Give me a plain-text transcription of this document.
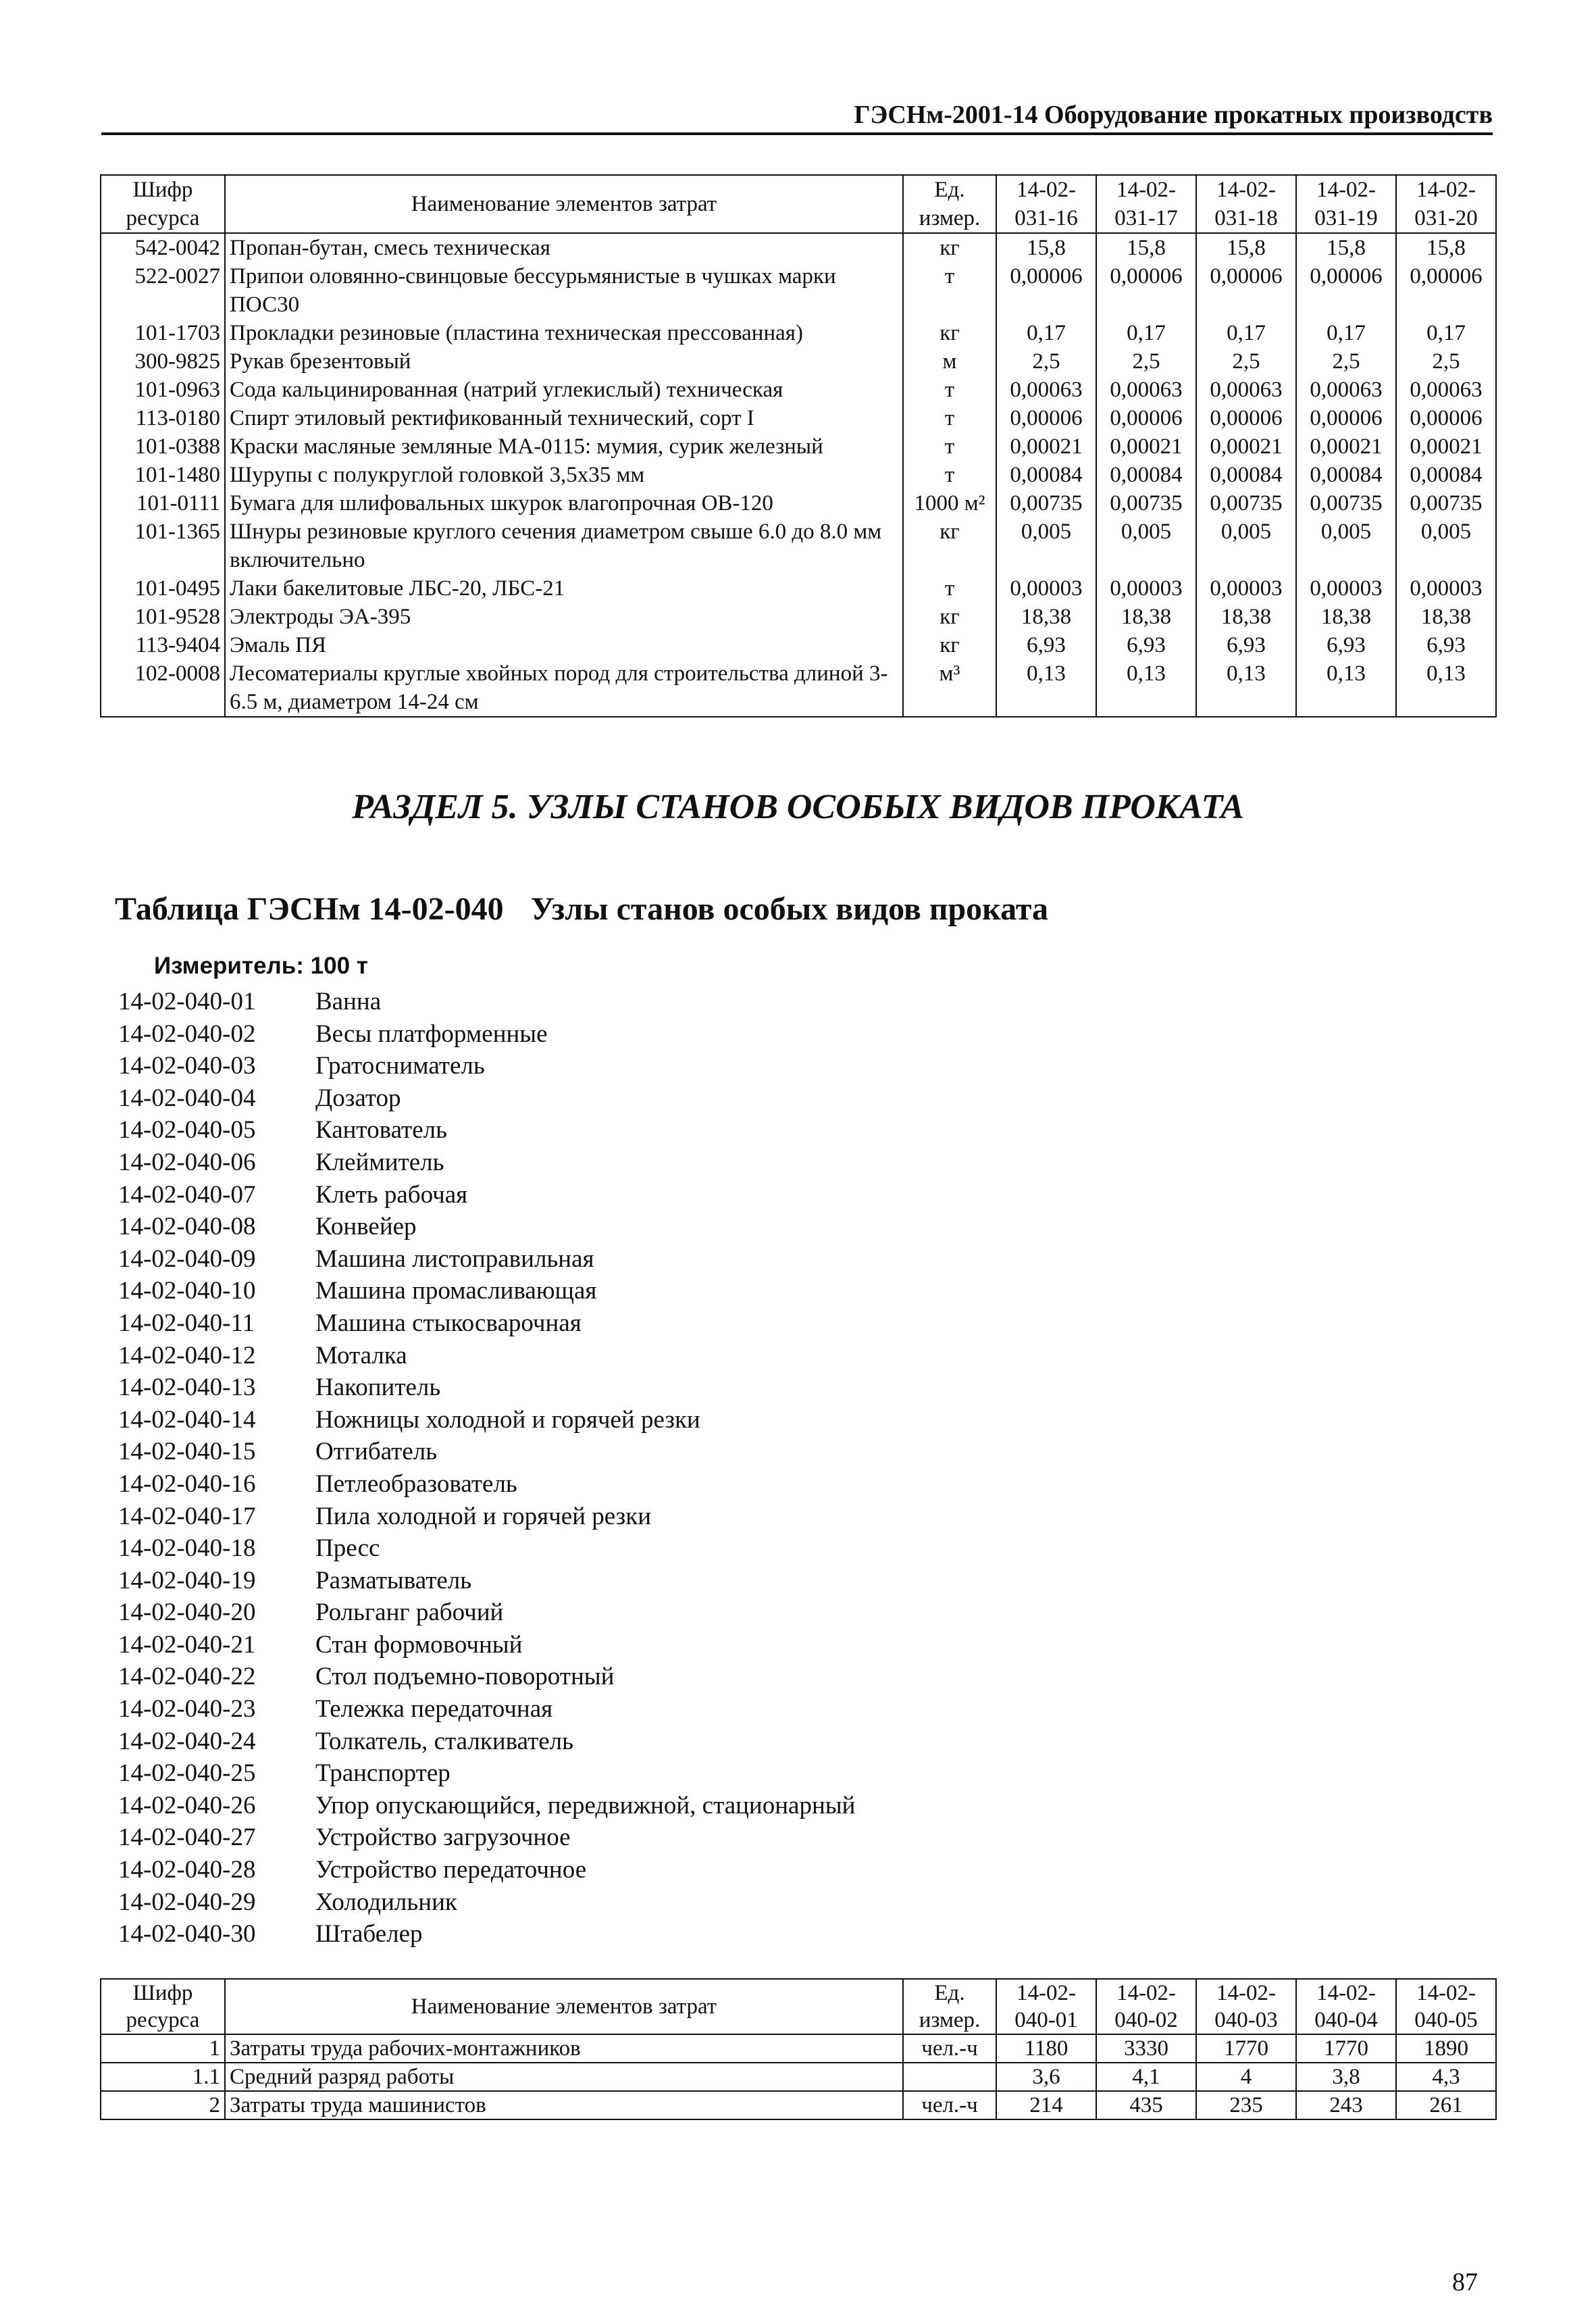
ГЭСНм-2001-14 Оборудование прокатных производств
Шифр ресурса	Наименование элементов затрат	Ед. измер.	14-02-031-16	14-02-031-17	14-02-031-18	14-02-031-19	14-02-031-20
542-0042	Пропан-бутан, смесь техническая	кг	15,8	15,8	15,8	15,8	15,8
522-0027	Припои оловянно-свинцовые бессурьмянистые в чушках марки ПОС30	т	0,00006	0,00006	0,00006	0,00006	0,00006
101-1703	Прокладки резиновые (пластина техническая прессованная)	кг	0,17	0,17	0,17	0,17	0,17
300-9825	Рукав брезентовый	м	2,5	2,5	2,5	2,5	2,5
101-0963	Сода кальцинированная (натрий углекислый) техническая	т	0,00063	0,00063	0,00063	0,00063	0,00063
113-0180	Спирт этиловый ректификованный технический, сорт I	т	0,00006	0,00006	0,00006	0,00006	0,00006
101-0388	Краски масляные земляные МА-0115: мумия, сурик железный	т	0,00021	0,00021	0,00021	0,00021	0,00021
101-1480	Шурупы с полукруглой головкой 3,5х35 мм	т	0,00084	0,00084	0,00084	0,00084	0,00084
101-0111	Бумага для шлифовальных шкурок влагопрочная ОВ-120	1000 м²	0,00735	0,00735	0,00735	0,00735	0,00735
101-1365	Шнуры резиновые круглого сечения диаметром свыше 6.0 до 8.0 мм включительно	кг	0,005	0,005	0,005	0,005	0,005
101-0495	Лаки бакелитовые ЛБС-20, ЛБС-21	т	0,00003	0,00003	0,00003	0,00003	0,00003
101-9528	Электроды ЭА-395	кг	18,38	18,38	18,38	18,38	18,38
113-9404	Эмаль ПЯ	кг	6,93	6,93	6,93	6,93	6,93
102-0008	Лесоматериалы круглые хвойных пород для строительства длиной 3-6.5 м, диаметром 14-24 см	м³	0,13	0,13	0,13	0,13	0,13
РАЗДЕЛ 5. УЗЛЫ СТАНОВ ОСОБЫХ ВИДОВ ПРОКАТА
Таблица ГЭСНм 14-02-040 Узлы станов особых видов проката
Измеритель: 100 т
14-02-040-01	Ванна
14-02-040-02	Весы платформенные
14-02-040-03	Гратосниматель
14-02-040-04	Дозатор
14-02-040-05	Кантователь
14-02-040-06	Клеймитель
14-02-040-07	Клеть рабочая
14-02-040-08	Конвейер
14-02-040-09	Машина листоправильная
14-02-040-10	Машина промасливающая
14-02-040-11	Машина стыкосварочная
14-02-040-12	Моталка
14-02-040-13	Накопитель
14-02-040-14	Ножницы холодной и горячей резки
14-02-040-15	Отгибатель
14-02-040-16	Петлеобразователь
14-02-040-17	Пила холодной и горячей резки
14-02-040-18	Пресс
14-02-040-19	Разматыватель
14-02-040-20	Рольганг рабочий
14-02-040-21	Стан формовочный
14-02-040-22	Стол подъемно-поворотный
14-02-040-23	Тележка передаточная
14-02-040-24	Толкатель, сталкиватель
14-02-040-25	Транспортер
14-02-040-26	Упор опускающийся, передвижной, стационарный
14-02-040-27	Устройство загрузочное
14-02-040-28	Устройство передаточное
14-02-040-29	Холодильник
14-02-040-30	Штабелер
Шифр ресурса	Наименование элементов затрат	Ед. измер.	14-02-040-01	14-02-040-02	14-02-040-03	14-02-040-04	14-02-040-05
1	Затраты труда рабочих-монтажников	чел.-ч	1180	3330	1770	1770	1890
1.1	Средний разряд работы		3,6	4,1	4	3,8	4,3
2	Затраты труда машинистов	чел.-ч	214	435	235	243	261
87
